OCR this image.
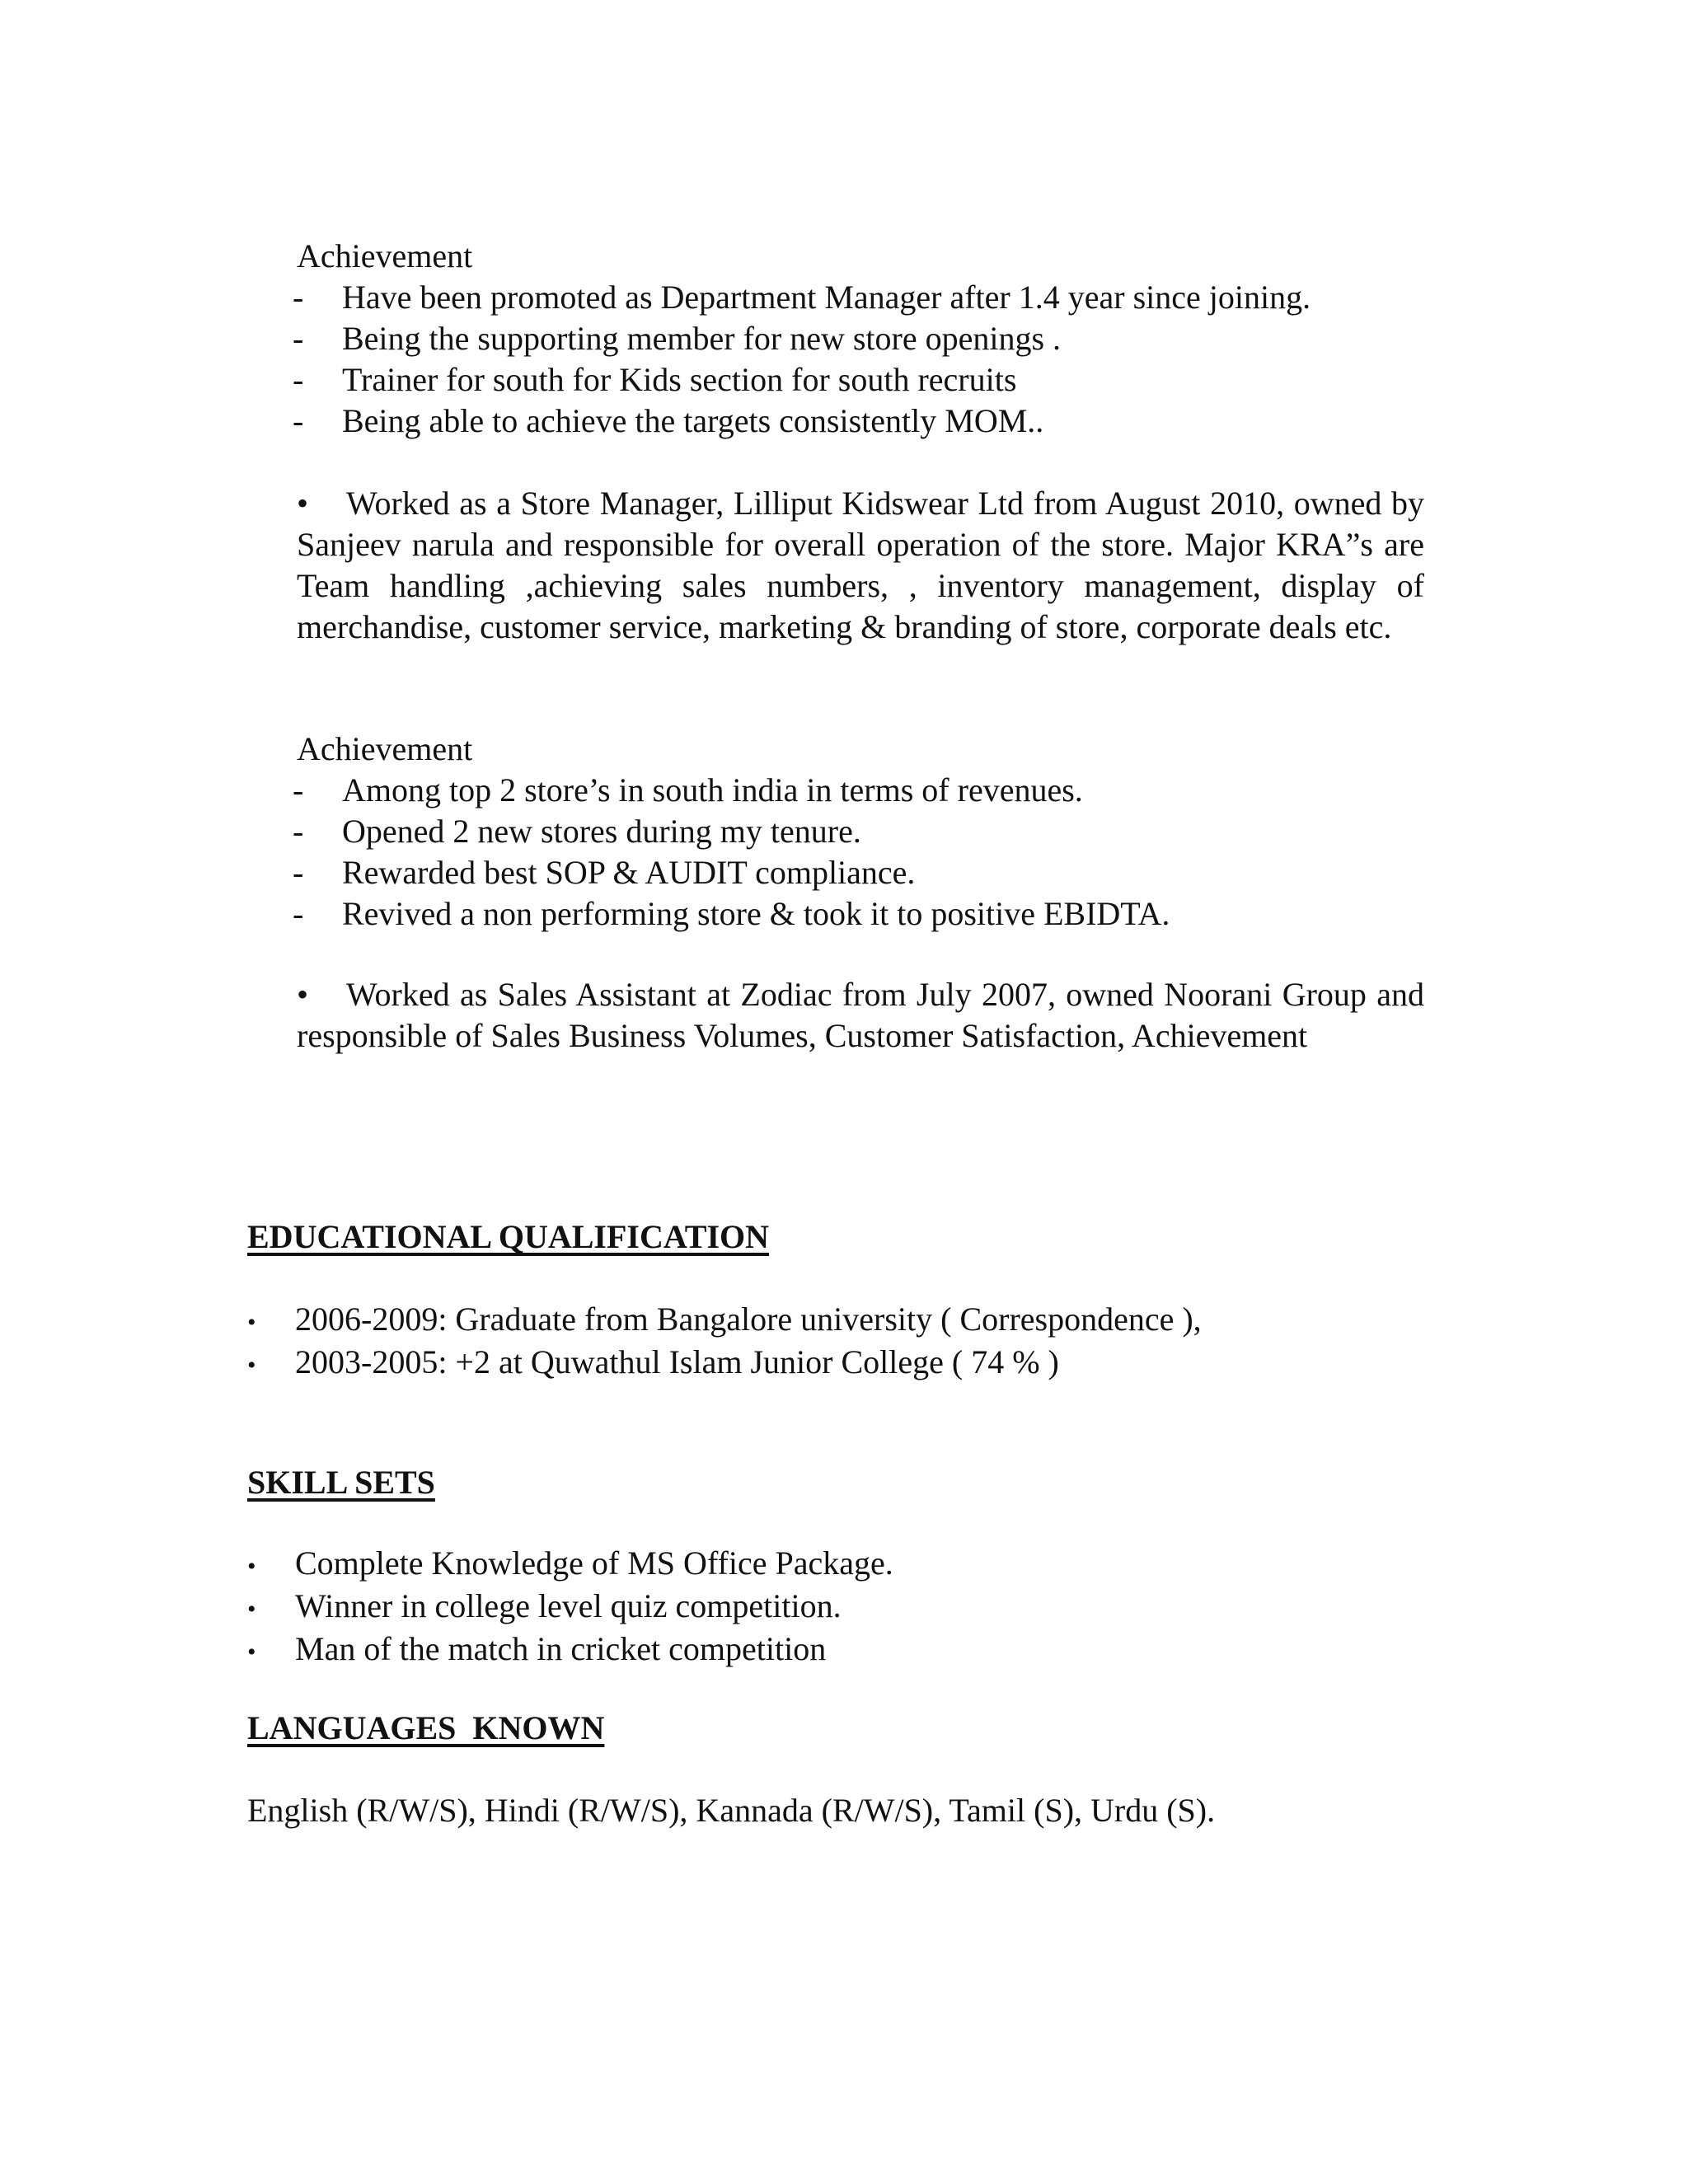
Achievement
- Have been promoted as Department Manager after 1.4 year since joining.
- Being the supporting member for new store openings .
- Trainer for south for Kids section for south recruits
- Being able to achieve the targets consistently MOM..
• Worked as a Store Manager, Lilliput Kidswear Ltd from August 2010, owned by Sanjeev narula and responsible for overall operation of the store. Major KRA”s are Team handling ,achieving sales numbers, , inventory management, display of merchandise, customer service, marketing & branding of store, corporate deals etc.
Achievement
- Among top 2 store’s in south india in terms of revenues.
- Opened 2 new stores during my tenure.
- Rewarded best SOP & AUDIT compliance.
- Revived a non performing store & took it to positive EBIDTA.
• Worked as Sales Assistant at Zodiac from July 2007, owned Noorani Group and responsible of Sales Business Volumes, Customer Satisfaction, Achievement
EDUCATIONAL QUALIFICATION
• 2006-2009: Graduate from Bangalore university ( Correspondence ),
• 2003-2005: +2 at Quwathul Islam Junior College ( 74 % )
SKILL SETS
• Complete Knowledge of MS Office Package.
• Winner in college level quiz competition.
• Man of the match in cricket competition
LANGUAGES  KNOWN
English (R/W/S), Hindi (R/W/S), Kannada (R/W/S), Tamil (S), Urdu (S).
